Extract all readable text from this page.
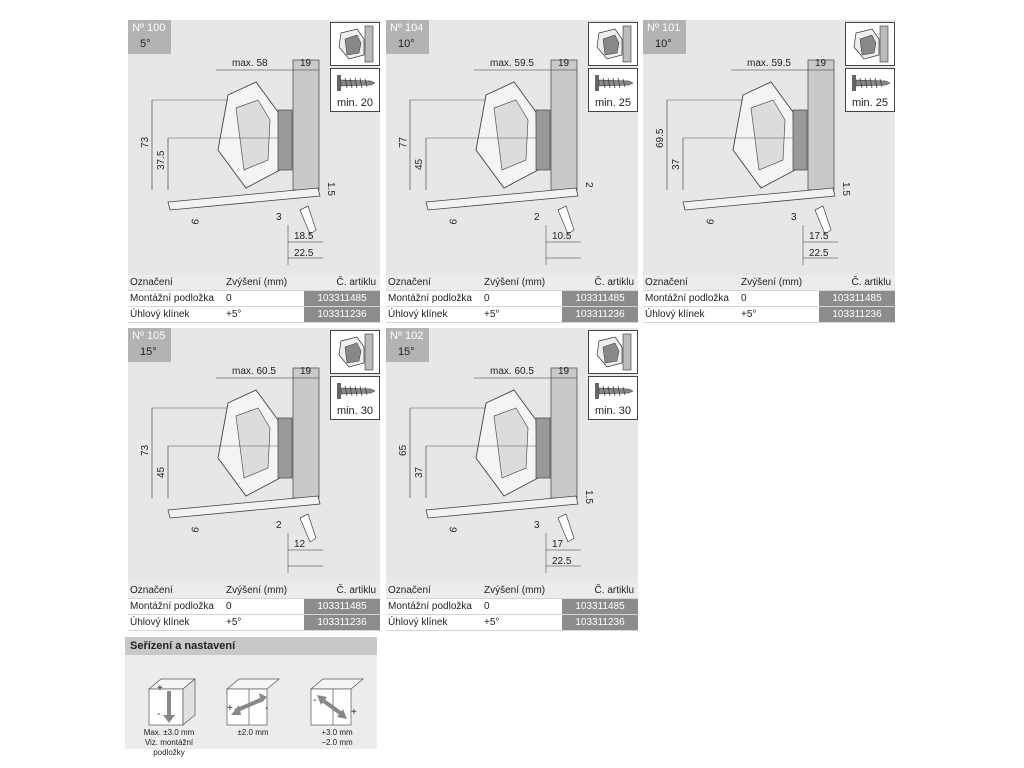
max. 58	19
73
37.5
1.5
6	3
18.5
22.5
Nº 100
5°
min. 20
Označení	Zvýšení (mm)	Č. artiklu
Montážní podložka 0	103311485
Úhlový klínek	+5°	103311236
max. 59.5 19
77
45
2
6	2
10.5
Nº 104
10°
min. 25
Označení	Zvýšení (mm)	Č. artiklu
Montážní podložka 0	103311485
Úhlový klínek	+5°	103311236
max. 59.5 19
69.5
37
1.5
6	3
17.5
22.5
Nº 101
10°
min. 25
Označení	Zvýšení (mm)	Č. artiklu
Montážní podložka 0	103311485
Úhlový klínek	+5°	103311236
max. 60.5 19
73
45
6	2
12
Nº 105
15°
min. 30
Označení	Zvýšení (mm)	Č. artiklu
Montážní podložka 0	103311485
Úhlový klínek	+5°	103311236
max. 60.5 19
65
37
1.5
6	3
17
22.5
Nº 102
15°
min. 30
Označení	Zvýšení (mm)	Č. artiklu
Montážní podložka 0	103311485
Úhlový klínek	+5°	103311236
Seřízení a nastavení
+
-
+	-
-
+
Max. ±3.0 mm
Viz. montážní
podložky
±2.0 mm	+3.0 mm
−2.0 mm
